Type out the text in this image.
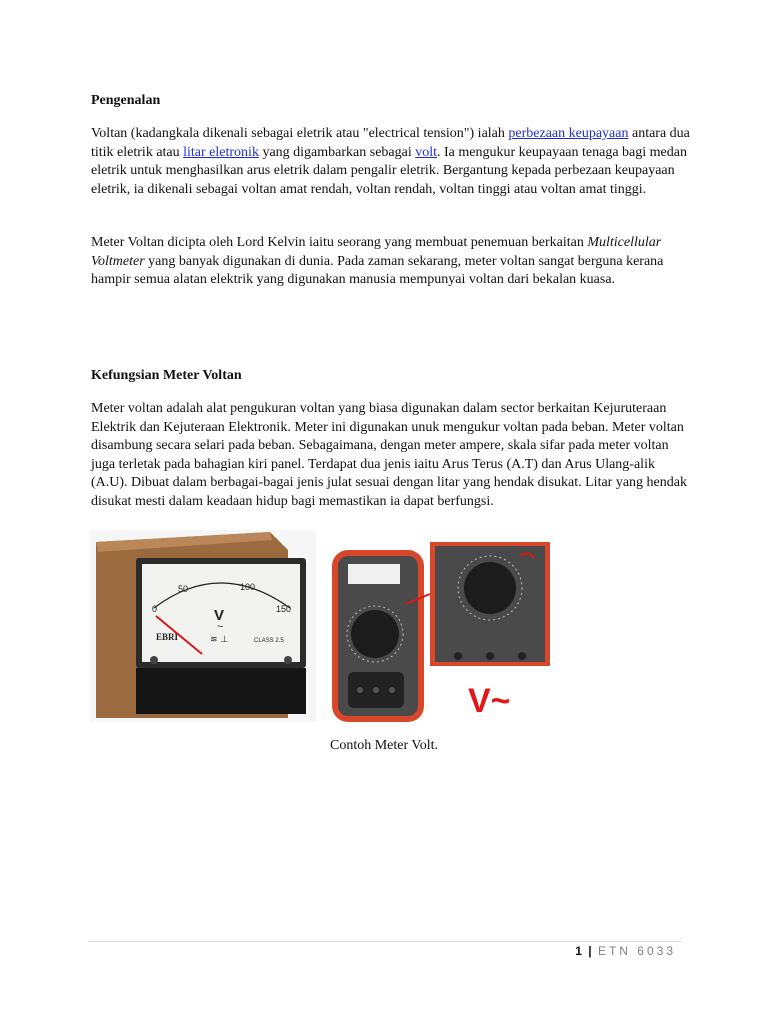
Pengenalan
Voltan (kadangkala dikenali sebagai eletrik atau "electrical tension") ialah perbezaan keupayaan antara dua titik eletrik atau litar eletronik yang digambarkan sebagai volt. Ia mengukur keupayaan tenaga bagi medan eletrik untuk menghasilkan arus eletrik dalam pengalir eletrik. Bergantung kepada perbezaan keupayaan eletrik, ia dikenali sebagai voltan amat rendah, voltan rendah, voltan tinggi atau voltan amat tinggi.
Meter Voltan dicipta oleh Lord Kelvin iaitu seorang yang membuat penemuan berkaitan Multicellular Voltmeter yang banyak digunakan di dunia. Pada zaman sekarang, meter voltan sangat berguna kerana hampir semua alatan elektrik yang digunakan manusia mempunyai voltan dari bekalan kuasa.
Kefungsian Meter Voltan
Meter voltan adalah alat pengukuran voltan yang biasa digunakan dalam sector berkaitan Kejuruteraan Elektrik dan Kejuteraan Elektronik. Meter ini digunakan unuk mengukur voltan pada beban. Meter voltan disambung secara selari pada beban. Sebagaimana, dengan meter ampere, skala sifar pada meter voltan juga terletak pada bahagian kiri panel. Terdapat dua jenis iaitu Arus Terus (A.T) dan Arus Ulang-alik (A.U). Dibuat dalam berbagai-bagai jenis julat sesuai dengan litar yang hendak disukat. Litar yang hendak disukat mesti dalam keadaan hidup bagi memastikan ia dapat berfungsi.
0
50	100
150
V
~
≋ ⊥
EBRI	CLASS 2.5
V~
Contoh Meter Volt.
1 | ETN 6033
